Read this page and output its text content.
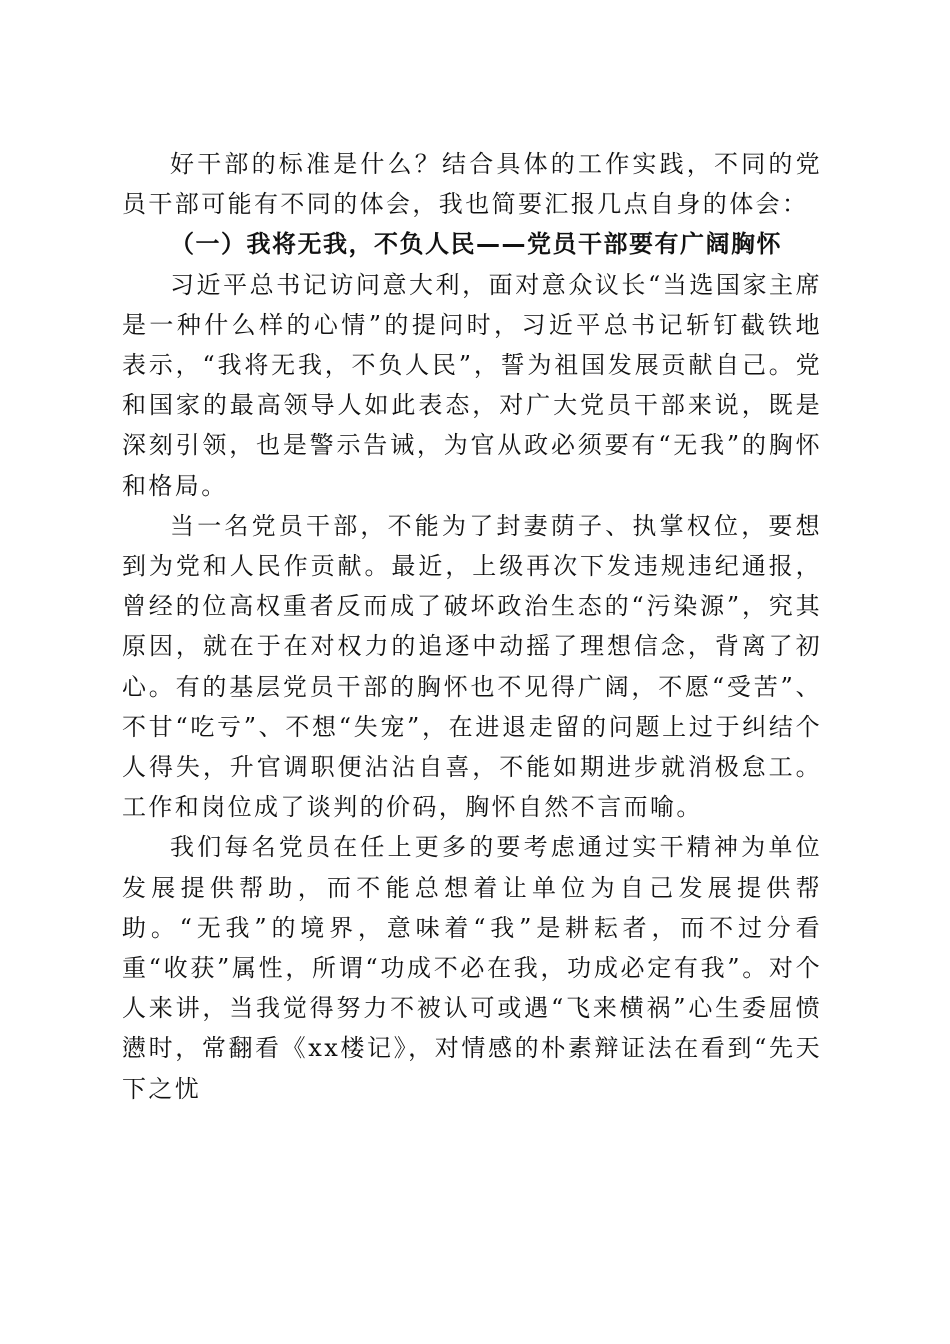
好干部的标准是什么？结合具体的工作实践，不同的党员干部可能有不同的体会，我也简要汇报几点自身的体会：

（一）我将无我，不负人民——党员干部要有广阔胸怀

习近平总书记访问意大利，面对意众议长“当选国家主席是一种什么样的心情”的提问时，习近平总书记斩钉截铁地表示，“我将无我，不负人民”，誓为祖国发展贡献自己。党和国家的最高领导人如此表态，对广大党员干部来说，既是深刻引领，也是警示告诫，为官从政必须要有“无我”的胸怀和格局。

当一名党员干部，不能为了封妻荫子、执掌权位，要想到为党和人民作贡献。最近，上级再次下发违规违纪通报，曾经的位高权重者反而成了破坏政治生态的“污染源”，究其原因，就在于在对权力的追逐中动摇了理想信念，背离了初心。有的基层党员干部的胸怀也不见得广阔，不愿“受苦”、不甘“吃亏”、不想“失宠”，在进退走留的问题上过于纠结个人得失，升官调职便沾沾自喜，不能如期进步就消极怠工。工作和岗位成了谈判的价码，胸怀自然不言而喻。

我们每名党员在任上更多的要考虑通过实干精神为单位发展提供帮助，而不能总想着让单位为自己发展提供帮助。“无我”的境界，意味着“我”是耕耘者，而不过分看重“收获”属性，所谓“功成不必在我，功成必定有我”。对个人来讲，当我觉得努力不被认可或遇“飞来横祸”心生委屈愤懑时，常翻看《xx楼记》，对情感的朴素辩证法在看到“先天下之忧
